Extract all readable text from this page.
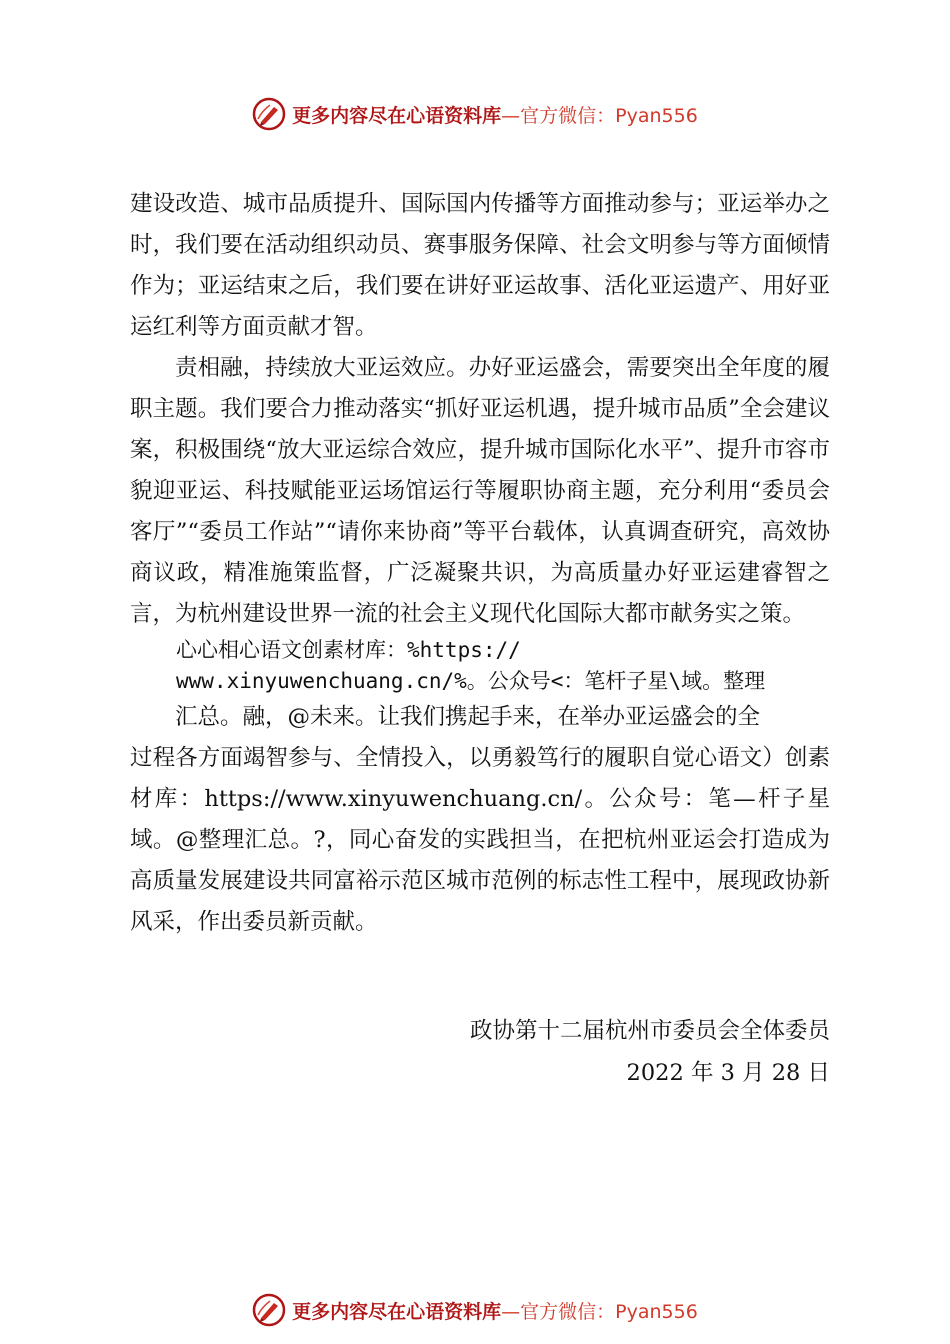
更多内容尽在心语资料库 —官方微信：Pyan556

建设改造、城市品质提升、国际国内传播等方面推动参与；亚运举办之时，我们要在活动组织动员、赛事服务保障、社会文明参与等方面倾情作为；亚运结束之后，我们要在讲好亚运故事、活化亚运遗产、用好亚运红利等方面贡献才智。

责相融，持续放大亚运效应。办好亚运盛会，需要突出全年度的履职主题。我们要合力推动落实“抓好亚运机遇，提升城市品质”全会建议案，积极围绕“放大亚运综合效应，提升城市国际化水平”、提升市容市貌迎亚运、科技赋能亚运场馆运行等履职协商主题，充分利用“委员会客厅”“委员工作站”“请你来协商”等平台载体，认真调查研究，高效协商议政，精准施策监督，广泛凝聚共识，为高质量办好亚运建睿智之言，为杭州建设世界一流的社会主义现代化国际大都市献务实之策。

心心相心语文创素材库：%https://

www.xinyuwenchuang.cn/%。公众号<：笔杆子星\域。整理

汇总。融，@未来。让我们携起手来，在举办亚运盛会的全

过程各方面竭智参与、全情投入，以勇毅笃行的履职自觉心语文）创素材库：https://www.xinyuwenchuang.cn/。公众号：笔—杆子星域。@整理汇总。?，同心奋发的实践担当，在把杭州亚运会打造成为高质量发展建设共同富裕示范区城市范例的标志性工程中，展现政协新风采，作出委员新贡献。

政协第十二届杭州市委员会全体委员
2022 年 3 月 28 日
更多内容尽在心语资料库 —官方微信：Pyan556
